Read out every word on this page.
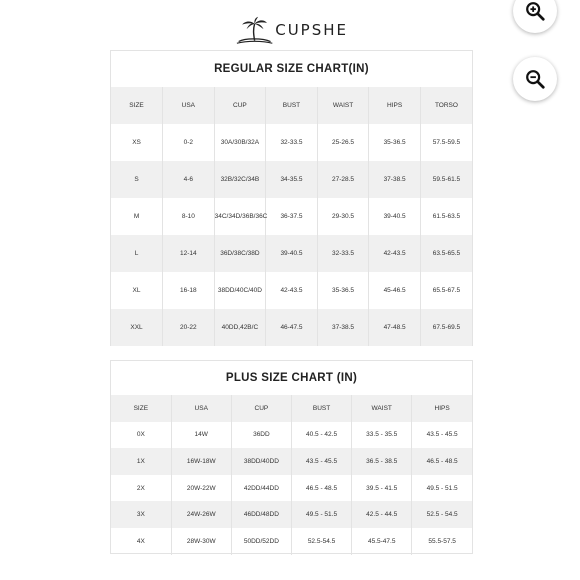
CUPSHE
REGULAR SIZE CHART(IN)
SIZE	USA	CUP	BUST	WAIST	HIPS	TORSO
XS	0-2	30A/30B/32A	32-33.5	25-26.5	35-36.5	57.5-59.5
S	4-6	32B/32C/34B	34-35.5	27-28.5	37-38.5	59.5-61.5
M	8-10	34C/34D/36B/36C	36-37.5	29-30.5	39-40.5	61.5-63.5
L	12-14	36D/38C/38D	39-40.5	32-33.5	42-43.5	63.5-65.5
XL	16-18	38DD/40C/40D	42-43.5	35-36.5	45-46.5	65.5-67.5
XXL	20-22	40DD,42B/C	46-47.5	37-38.5	47-48.5	67.5-69.5
PLUS SIZE CHART (IN)
SIZE	USA	CUP	BUST	WAIST	HIPS
0X	14W	36DD	40.5 - 42.5	33.5 - 35.5	43.5 - 45.5
1X	16W-18W	38DD/40DD	43.5 - 45.5	36.5 - 38.5	46.5 - 48.5
2X	20W-22W	42DD/44DD	46.5 - 48.5	39.5 - 41.5	49.5 - 51.5
3X	24W-26W	46DD/48DD	49.5 - 51.5	42.5 - 44.5	52.5 - 54.5
4X	28W-30W	50DD/52DD	52.5-54.5	45.5-47.5	55.5-57.5
